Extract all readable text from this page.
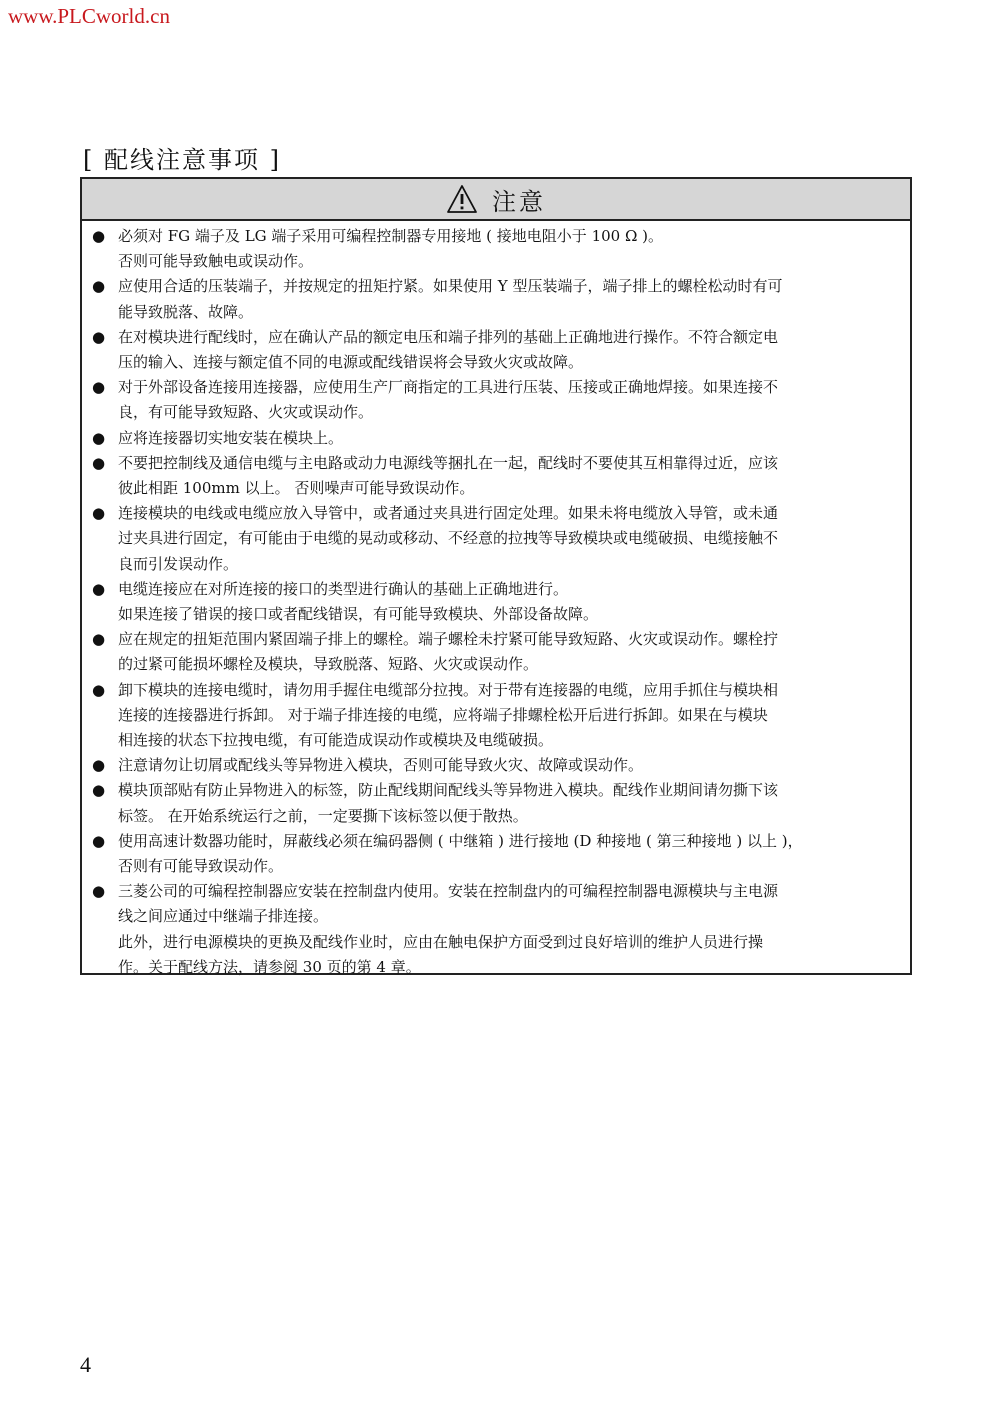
www.PLCworld.cn
[ 配线注意事项 ]
注意
● 必须对 FG 端子及 LG 端子采用可编程控制器专用接地 ( 接地电阻小于 100 Ω )。
否则可能导致触电或误动作。
● 应使用合适的压装端子，并按规定的扭矩拧紧。如果使用 Y 型压装端子，端子排上的螺栓松动时有可
能导致脱落、故障。
● 在对模块进行配线时，应在确认产品的额定电压和端子排列的基础上正确地进行操作。不符合额定电
压的输入、连接与额定值不同的电源或配线错误将会导致火灾或故障。
● 对于外部设备连接用连接器，应使用生产厂商指定的工具进行压装、压接或正确地焊接。如果连接不
良，有可能导致短路、火灾或误动作。
● 应将连接器切实地安装在模块上。
● 不要把控制线及通信电缆与主电路或动力电源线等捆扎在一起，配线时不要使其互相靠得过近，应该
彼此相距 100mm 以上。 否则噪声可能导致误动作。
● 连接模块的电线或电缆应放入导管中，或者通过夹具进行固定处理。如果未将电缆放入导管，或未通
过夹具进行固定，有可能由于电缆的晃动或移动、不经意的拉拽等导致模块或电缆破损、电缆接触不
良而引发误动作。
● 电缆连接应在对所连接的接口的类型进行确认的基础上正确地进行。
如果连接了错误的接口或者配线错误，有可能导致模块、外部设备故障。
● 应在规定的扭矩范围内紧固端子排上的螺栓。端子螺栓未拧紧可能导致短路、火灾或误动作。螺栓拧
的过紧可能损坏螺栓及模块，导致脱落、短路、火灾或误动作。
● 卸下模块的连接电缆时，请勿用手握住电缆部分拉拽。对于带有连接器的电缆，应用手抓住与模块相
连接的连接器进行拆卸。 对于端子排连接的电缆，应将端子排螺栓松开后进行拆卸。如果在与模块
相连接的状态下拉拽电缆，有可能造成误动作或模块及电缆破损。
● 注意请勿让切屑或配线头等异物进入模块，否则可能导致火灾、故障或误动作。
● 模块顶部贴有防止异物进入的标签，防止配线期间配线头等异物进入模块。配线作业期间请勿撕下该
标签。 在开始系统运行之前，一定要撕下该标签以便于散热。
● 使用高速计数器功能时，屏蔽线必须在编码器侧 ( 中继箱 ) 进行接地 (D 种接地 ( 第三种接地 ) 以上 )，
否则有可能导致误动作。
● 三菱公司的可编程控制器应安装在控制盘内使用。安装在控制盘内的可编程控制器电源模块与主电源
线之间应通过中继端子排连接。
此外，进行电源模块的更换及配线作业时，应由在触电保护方面受到过良好培训的维护人员进行操
作。关于配线方法，请参阅 30 页的第 4 章。
4
